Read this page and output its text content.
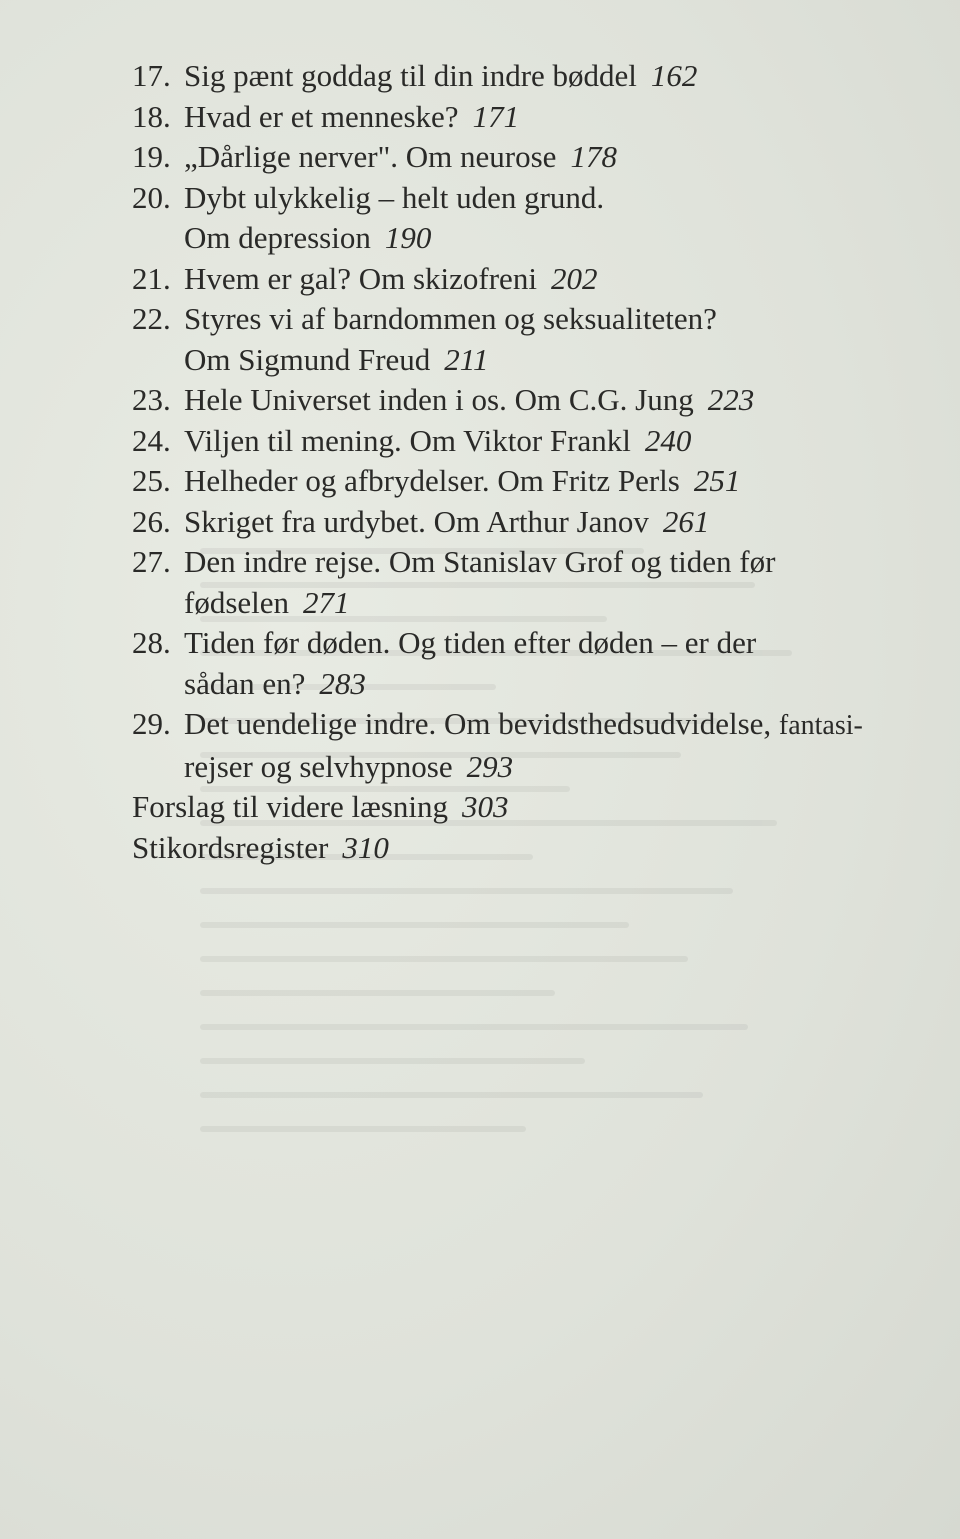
17. Sig pænt goddag til din indre bøddel 162
18. Hvad er et menneske? 171
19. „Dårlige nerver". Om neurose 178
20. Dybt ulykkelig – helt uden grund.
Om depression 190
21. Hvem er gal? Om skizofreni 202
22. Styres vi af barndommen og seksualiteten?
Om Sigmund Freud 211
23. Hele Universet inden i os. Om C.G. Jung 223
24. Viljen til mening. Om Viktor Frankl 240
25. Helheder og afbrydelser. Om Fritz Perls 251
26. Skriget fra urdybet. Om Arthur Janov 261
27. Den indre rejse. Om Stanislav Grof og tiden før
fødselen 271
28. Tiden før døden. Og tiden efter døden – er der
sådan en? 283
29. Det uendelige indre. Om bevidsthedsudvidelse, fantasi-
rejser og selvhypnose 293
Forslag til videre læsning 303
Stikordsregister 310
